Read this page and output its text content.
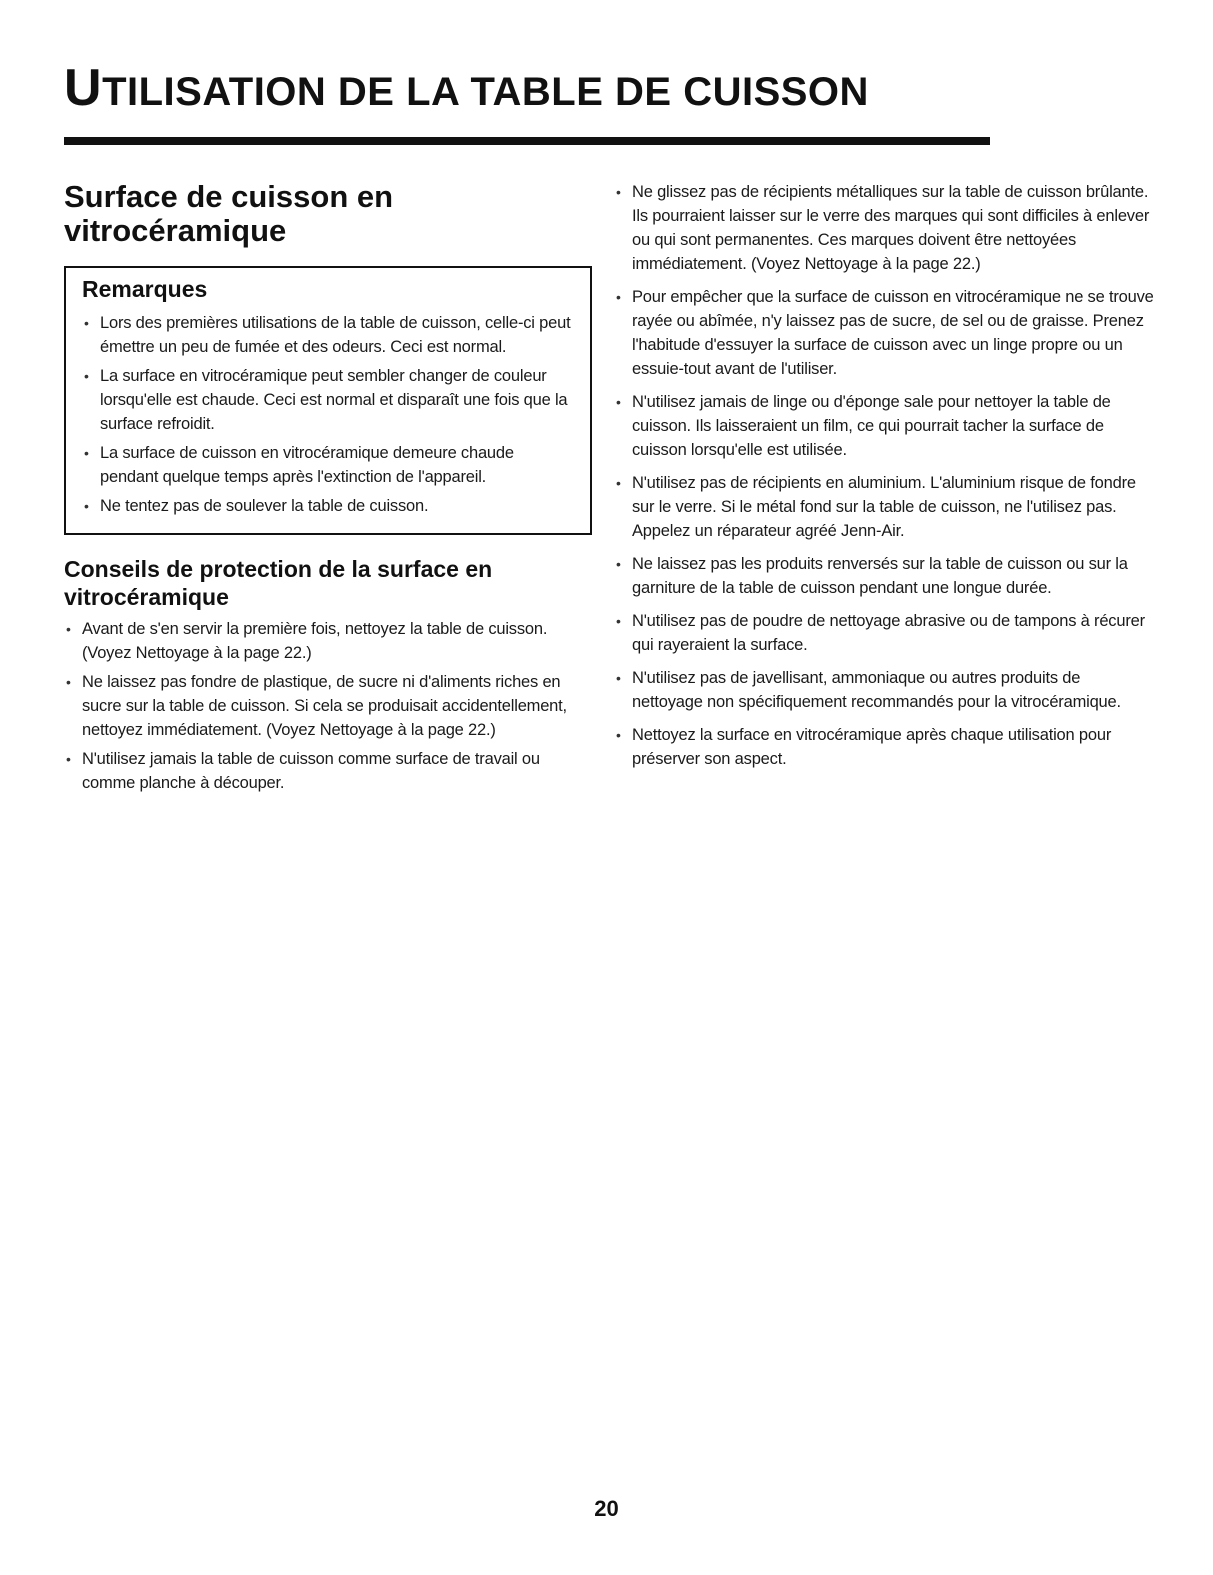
UTILISATION DE LA TABLE DE CUISSON
Surface de cuisson en vitrocéramique
Remarques
• Lors des premières utilisations de la table de cuisson, celle-ci peut émettre un peu de fumée et des odeurs. Ceci est normal.
• La surface en vitrocéramique peut sembler changer de couleur lorsqu'elle est chaude. Ceci est normal et disparaît une fois que la surface refroidit.
• La surface de cuisson en vitrocéramique demeure chaude pendant quelque temps après l'extinction de l'appareil.
• Ne tentez pas de soulever la table de cuisson.
Conseils de protection de la surface en vitrocéramique
• Avant de s'en servir la première fois, nettoyez la table de cuisson. (Voyez Nettoyage à la page 22.)
• Ne laissez pas fondre de plastique, de sucre ni d'aliments riches en sucre sur la table de cuisson. Si cela se produisait accidentellement, nettoyez immédiatement. (Voyez Nettoyage à la page 22.)
• N'utilisez jamais la table de cuisson comme surface de travail ou comme planche à découper.
• Ne glissez pas de récipients métalliques sur la table de cuisson brûlante. Ils pourraient laisser sur le verre des marques qui sont difficiles à enlever ou qui sont permanentes. Ces marques doivent être nettoyées immédiatement. (Voyez Nettoyage à la page 22.)
• Pour empêcher que la surface de cuisson en vitrocéramique ne se trouve rayée ou abîmée, n'y laissez pas de sucre, de sel ou de graisse. Prenez l'habitude d'essuyer la surface de cuisson avec un linge propre ou un essuie-tout avant de l'utiliser.
• N'utilisez jamais de linge ou d'éponge sale pour nettoyer la table de cuisson. Ils laisseraient un film, ce qui pourrait tacher la surface de cuisson lorsqu'elle est utilisée.
• N'utilisez pas de récipients en aluminium. L'aluminium risque de fondre sur le verre. Si le métal fond sur la table de cuisson, ne l'utilisez pas. Appelez un réparateur agréé Jenn-Air.
• Ne laissez pas les produits renversés sur la table de cuisson ou sur la garniture de la table de cuisson pendant une longue durée.
• N'utilisez pas de poudre de nettoyage abrasive ou de tampons à récurer qui rayeraient la surface.
• N'utilisez pas de javellisant, ammoniaque ou autres produits de nettoyage non spécifiquement recommandés pour la vitrocéramique.
• Nettoyez la surface en vitrocéramique après chaque utilisation pour préserver son aspect.
20
